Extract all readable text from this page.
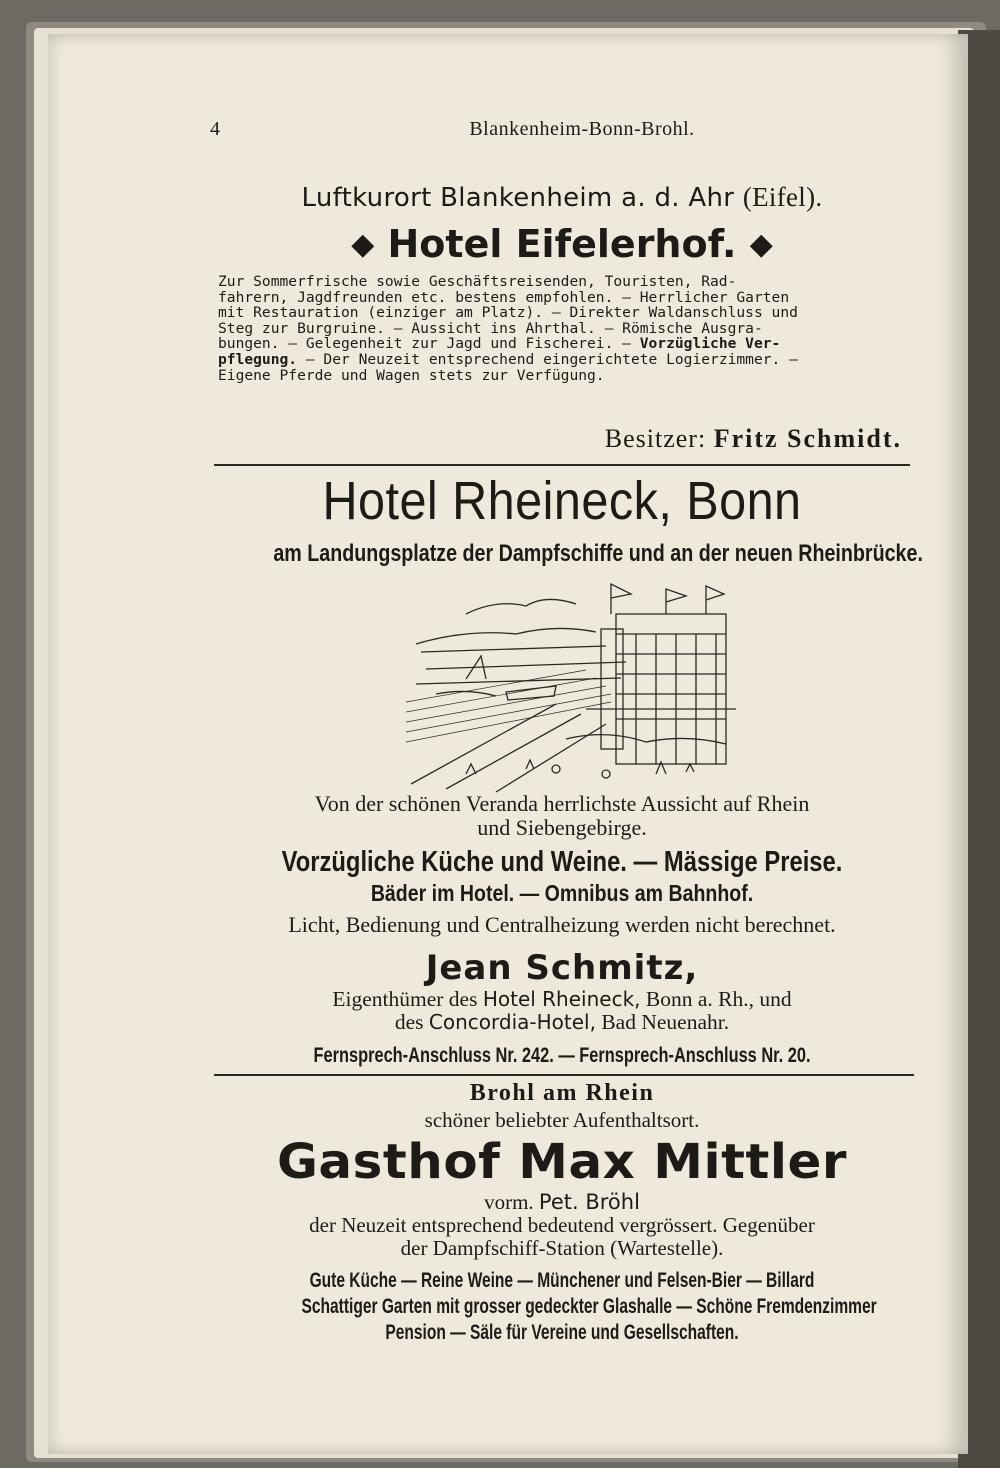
4	Blankenheim-Bonn-Brohl.
Luftkurort Blankenheim a. d. Ahr (Eifel).
◆ Hotel Eifelerhof. ◆
Zur Sommerfrische sowie Geschäftsreisenden, Touristen, Rad-
fahrern, Jagdfreunden etc. bestens empfohlen. — Herrlicher Garten
mit Restauration (einziger am Platz). — Direkter Waldanschluss und
Steg zur Burgruine. — Aussicht ins Ahrthal. — Römische Ausgra-
bungen. — Gelegenheit zur Jagd und Fischerei. — Vorzügliche Ver-
pflegung. — Der Neuzeit entsprechend eingerichtete Logierzimmer. —
Eigene Pferde und Wagen stets zur Verfügung.
Besitzer: Fritz Schmidt.
Hotel Rheineck, Bonn
am Landungsplatze der Dampfschiffe und an der neuen Rheinbrücke.
Von der schönen Veranda herrlichste Aussicht auf Rhein
und Siebengebirge.
Vorzügliche Küche und Weine. — Mässige Preise.
Bäder im Hotel. — Omnibus am Bahnhof.
Licht, Bedienung und Centralheizung werden nicht berechnet.
Jean Schmitz,
Eigenthümer des Hotel Rheineck, Bonn a. Rh., und
des Concordia-Hotel, Bad Neuenahr.
Fernsprech-Anschluss Nr. 242. — Fernsprech-Anschluss Nr. 20.
Brohl am Rhein
schöner beliebter Aufenthaltsort.
Gasthof Max Mittler
vorm. Pet. Bröhl
der Neuzeit entsprechend bedeutend vergrössert. Gegenüber
der Dampfschiff-Station (Wartestelle).
Gute Küche — Reine Weine — Münchener und Felsen-Bier — Billard
Schattiger Garten mit grosser gedeckter Glashalle — Schöne Fremdenzimmer
Pension — Säle für Vereine und Gesellschaften.
